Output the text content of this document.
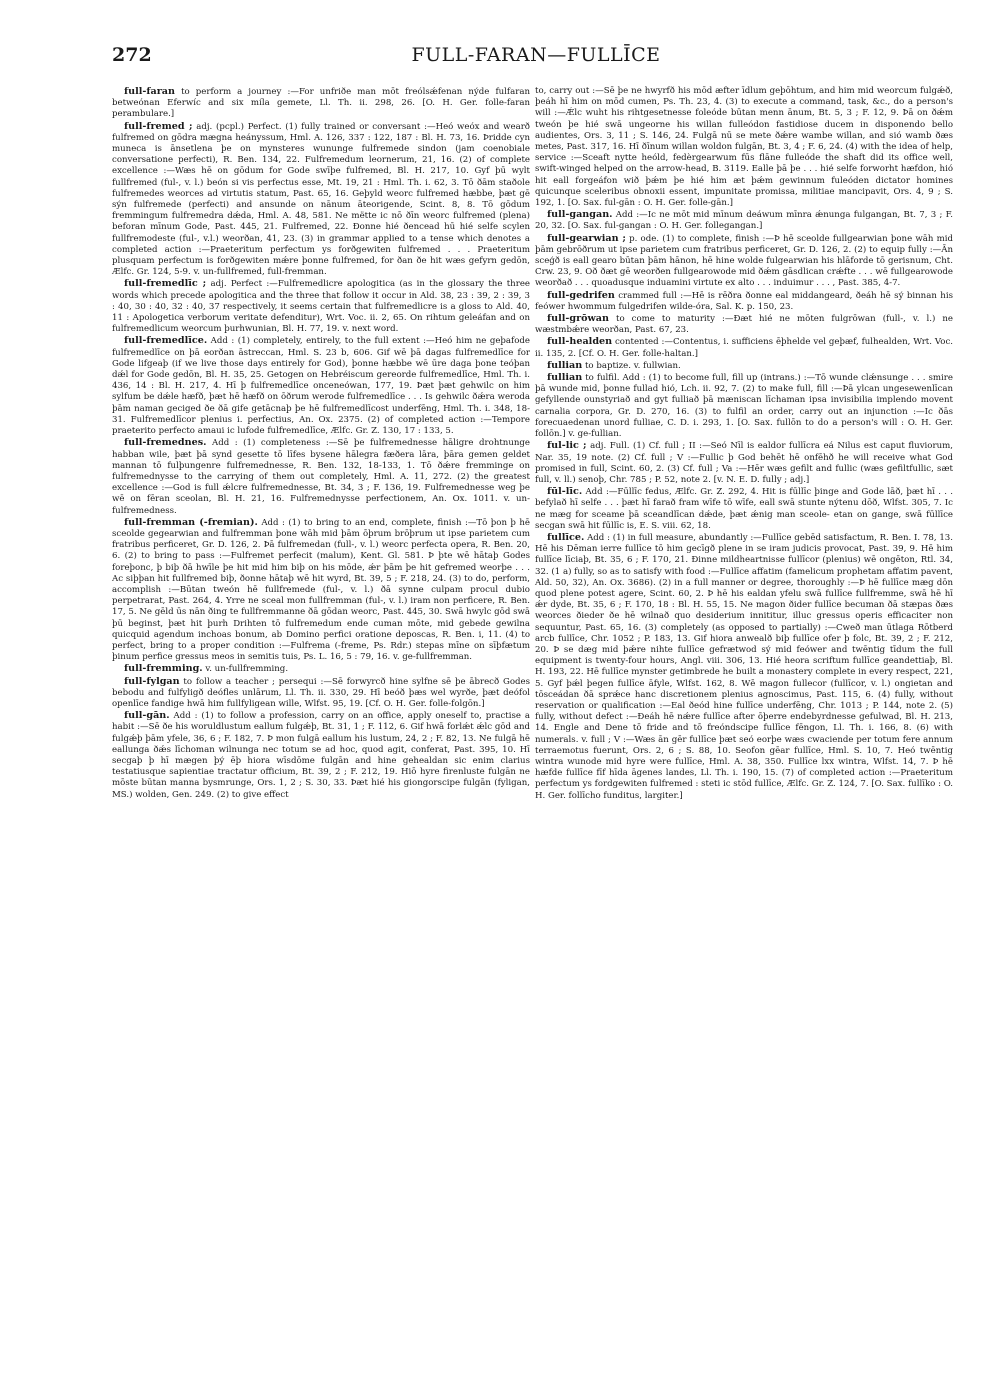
272	FULL-FARAN—FULLĪCE

full-faran to perform a journey :—For unfriðe man mōt freólsǽfenan nýde fulfaran betweónan Eferwíc and six míla gemete, Ll. Th. ii. 298, 26. [O. H. Ger. folle-faran perambulare.]

full-fremed ; adj. (pcpl.) Perfect. (1) fully trained or conversant :—Heó weóx and wearð fulfremed on gōdra mægna heányssum, Hml. A. 126, 337 : 122, 187 : Bl. H. 73, 16. Þridde cyn muneca is ānsetlena þe on mynsteres wununge fulfremede sindon (jam coenobiale conversatione perfecti), R. Ben. 134, 22. Fulfremedum leornerum, 21, 16. (2) of complete excellence :—Wæs hē on gōdum for Gode swīþe fulfremed, Bl. H. 217, 10. Gyf þū wylt fullfremed (ful-, v. l.) beón si vis perfectus esse, Mt. 19, 21 : Hml. Th. i. 62, 3. Tō ðām staðole fulfremedes weorces ad virtutis statum, Past. 65, 16. Geþyld weorc fulfremed hæbbe, þæt gē sýn fulfremede (perfecti) and ansunde on nānum āteorigende, Scint. 8, 8. Tō gōdum fremmingum fulfremedra dǽda, Hml. A. 48, 581. Ne mëtte ic nō ðīn weorc fulfremed (plena) beforan mīnum Gode, Past. 445, 21. Fulfremed, 22. Ðonne hié ðencead hū hié selfe scylen fullfremodeste (ful-, v.l.) weorðan, 41, 23. (3) in grammar applied to a tense which denotes a completed action :—Praeteritum perfectum ys forðgewiten fulfremed . . . Praeteritum plusquam perfectum is forðgewiten mǽre þonne fulfremed, for ðan ðe hit wæs gefyrn gedōn, Ælfc. Gr. 124, 5-9. v. un-fullfremed, full-fremman.

full-fremedlīc ; adj. Perfect :—Fulfremedlicre apologitica (as in the glossary the three words which precede apologitica and the three that follow it occur in Ald. 38, 23 : 39, 2 : 39, 3 : 40, 30 : 40, 32 : 40, 37 respectively, it seems certain that fulfremedlicre is a gloss to Ald. 40, 11 : Apologetica verborum veritate defenditur), Wrt. Voc. ii. 2, 65. On rihtum geleáfan and on fulfremedlicum weorcum þurhwunian, Bl. H. 77, 19. v. next word.

full-fremedlīce. Add : (1) completely, entirely, to the full extent :—Heó him ne geþafode fulfremedlīce on þā eorðan āstreccan, Hml. S. 23 b, 606. Gif wē þā dagas fulfremedlīce for Gode lifgeaþ (if we live those days entirely for God), þonne hæbbe wē ūre daga þone teóþan dǽl for Gode gedōn, Bl. H. 35, 25. Getogen on Hebréiscum gereorde fulfremedlīce, Hml. Th. i. 436, 14 : Bl. H. 217, 4. Hī þ fulfremedlīce onceneówan, 177, 19. Þæt þæt gehwilc on him sylfum be dǽle hæfð, þæt hē hæfð on ōðrum werode fulfremedlīce . . . Is gehwilc ðǽra weroda þām naman geciged ðe ðā gife getācnaþ þe hē fulfremedlīcost underfēng, Hml. Th. i. 348, 18-31. Fulfremedlīcor plenius i. perfectius, An. Ox. 2375. (2) of completed action :—Tempore praeterito perfecto amaui ic lufode fulfremedlīce, Ælfc. Gr. Z. 130, 17 : 133, 5.

full-fremednes. Add : (1) completeness :—Sē þe fulfremednesse hāligre drohtnunge habban wile, þæt þā synd gesette tō līfes bysene hālegra fæðera lāra, þāra gemen geldet mannan tō fulþungenre fulfremednesse, R. Ben. 132, 18-133, 1. Tō ðǽre fremminge on fulfremednysse to the carrying of them out completely, Hml. A. 11, 272. (2) the greatest excellence :—God is full ǽlcre fulfremednesse, Bt. 34, 3 ; F. 136, 19. Fulfremednesse weg þe wē on fēran sceolan, Bl. H. 21, 16. Fulfremednysse perfectionem, An. Ox. 1011. v. un-fulfremedness.

full-fremman (-fremian). Add : (1) to bring to an end, complete, finish :—Tō þon þ hē sceolde gegearwian and fulfremman þone wāh mid þām ōþrum brōþrum ut ipse parietem cum fratribus perficeret, Gr. D. 126, 2. Þā fulfremedan (full-, v. l.) weorc perfecta opera, R. Ben. 20, 6. (2) to bring to pass :—Fulfremet perfecit (malum), Kent. Gl. 581. Þ þte wē hātaþ Godes foreþonc, þ biþ ðā hwīle þe hit mid him biþ on his mōde, ǽr þām þe hit gefremed weorþe . . . Ac siþþan hit fullfremed biþ, ðonne hātaþ wē hit wyrd, Bt. 39, 5 ; F. 218, 24. (3) to do, perform, accomplish :—Būtan tweón hē fullfremede (ful-, v. l.) ðā synne culpam procul dubio perpetrarat, Past. 264, 4. Yrre ne sceal mon fullfremman (ful-, v. l.) iram non perficere, R. Ben. 17, 5. Ne gēld ūs nān ðing te fullfremmanne ðā gōdan weorc, Past. 445, 30. Swā hwylc gōd swā þū beginst, þæt hit þurh Drihten tō fulfremedum ende cuman mōte, mid gebede gewilna quicquid agendum inchoas bonum, ab Domino perfici oratione deposcas, R. Ben. i, 11. (4) to perfect, bring to a proper condition :—Fulfrema (-freme, Ps. Rdr.) stepas mīne on sīþfætum þinum perfice gressus meos in semitis tuis, Ps. L. 16, 5 : 79, 16. v. ge-fullfremman.

full-fremming. v. un-fullfremming.

full-fylgan to follow a teacher ; persequi :—Sē forwyrcð hine sylfne sē þe ābrecð Godes bebodu and fulfyligð deófles unlārum, Ll. Th. ii. 330, 29. Hī beóð þæs wel wyrðe, þæt deófol openlīce fandige hwā him fullfyligean wille, Wlfst. 95, 19. [Cf. O. H. Ger. folle-folgōn.]

full-gān. Add : (1) to follow a profession, carry on an office, apply oneself to, practise a habit :—Sē ðe his woruldlustum eallum fulgǽþ, Bt. 31, 1 ; F. 112, 6. Gif hwā forlǽt ǽlc gōd and fulgǽþ þām yfele, 36, 6 ; F. 182, 7. Þ mon fulgā eallum his lustum, 24, 2 ; F. 82, 13. Ne fulgā hē eallunga ðǽs līchoman wilnunga nec totum se ad hoc, quod agit, conferat, Past. 395, 10. Hī secgaþ þ hī mægen þý ēþ hiora wīsdōme fulgān and hine gehealdan sic enim clarius testatiusque sapientiae tractatur officium, Bt. 39, 2 ; F. 212, 19. Hiō hyre firenluste fulgān ne mōste būtan manna bysmrunge, Ors. 1, 2 ; S. 30, 33. Þæt hié his giongorscipe fulgān (fyligan, MS.) wolden, Gen. 249. (2) to give effect

to, carry out :—Sē þe ne hwyrfð his mōd æfter īdlum geþōhtum, and him mid weorcum fulgǽð, þeáh hī him on mōd cumen, Ps. Th. 23, 4. (3) to execute a command, task, &c., do a person's will :—Ǽlc wuht his rihtgesetnesse foleóde būtan menn ānum, Bt. 5, 3 ; F. 12, 9. Þā on ðǽm tweón þe hié swā ungeorne his willan fulleódon fastidiose ducem in disponendo bello audientes, Ors. 3, 11 ; S. 146, 24. Fulgā nū se mete ðǽre wambe willan, and sió wamb ðæs metes, Past. 317, 16. Hī ðīnum willan woldon fulgān, Bt. 3, 4 ; F. 6, 24. (4) with the idea of help, service :—Sceaft nytte heóld, fedèrgearwum fūs flāne fulleóde the shaft did its office well, swift-winged helped on the arrow-head, B. 3119. Ealle þā þe . . . hié selfe forworht hæfdon, hió hit eall forgeáfon wið þǽm þe hié him æt þǽm gewinnum fuleóden dictator homines quicunque sceleribus obnoxii essent, impunitate promissa, militiae mancipavit, Ors. 4, 9 ; S. 192, 1. [O. Sax. ful-gān : O. H. Ger. folle-gān.]

full-gangan. Add :—Ic ne mōt mid mīnum deáwum mīnra ǽnunga fulgangan, Bt. 7, 3 ; F. 20, 32. [O. Sax. ful-gangan : O. H. Ger. follegangan.]

full-gearwian ; p. ode. (1) to complete, finish :—Þ hē sceolde fullgearwian þone wāh mid þām gebrōðrum ut ipse parietem cum fratribus perficeret, Gr. D. 126, 2. (2) to equip fully :—Ān sceǵð is eall gearo būtan þām hānon, hē hine wolde fulgearwian his hlāforde tō gerisnum, Cht. Crw. 23, 9. Oð ðæt gē weorðen fullgearowode mid ðǽm gāsdlican crǽfte . . . wē fullgearowode weorðað . . . quoadusque induamini virtute ex alto . . . induimur . . . , Past. 385, 4-7.

full-gedrifen crammed full :—Hē is rēðra ðonne eal middangeard, ðeáh hē sý binnan his feówer hwommum fulgedrifen wilde-óra, Sal. K. p. 150, 23.

full-grōwan to come to maturity :—Ðæt hié ne mōten fulgrōwan (full-, v. l.) ne wæstmbǽre weorðan, Past. 67, 23.

full-healden contented :—Contentus, i. sufficiens ēþhelde vel geþæf, fulhealden, Wrt. Voc. ii. 135, 2. [Cf. O. H. Ger. folle-haltan.]

fullian to baptize. v. fullwian.

fullian to fulfil. Add : (1) to become full, fill up (intrans.) :—Tō wunde clǽnsunge . . . smire þā wunde mid, þonne fullad hió, Lch. ii. 92, 7. (2) to make full, fill :—Þā ylcan ungesewenlīcan gefyllende ounstyriað and gyt fulliað þā mæniscan līchaman ipsa invisibilia implendo movent carnalia corpora, Gr. D. 270, 16. (3) to fulfil an order, carry out an injunction :—Ic ðās forecuaedenan unord fulliae, C. D. i. 293, 1. [O. Sax. fullōn to do a person's will : O. H. Ger. follōn.] v. ge-fullian.

ful-lic ; adj. Full. (1) Cf. full ; II :—Seó Nīl is ealdor fullīcra eá Nilus est caput fluviorum, Nar. 35, 19 note. (2) Cf. full ; V :—Fullic þ God behēt hē onfēhð he will receive what God promised in full, Scint. 60, 2. (3) Cf. full ; Va :—Hēr wæs gefilt and fullic (wæs gefiltfullic, sæt full, v. ll.) senoþ, Chr. 785 ; P. 52, note 2. [v. N. E. D. fully ; adj.]

fūl-līc. Add :—Fūllīc fedus, Ælfc. Gr. Z. 292, 4. Hit is fūllīc þinge and Gode lāð, þæt hī . . . befylað hī selfe . . . þæt hī farað fram wīfe tō wīfe, eall swā stunte nýtenu dōð, Wlfst. 305, 7. Ic ne mæg for sceame þā sceandlīcan dǽde, þæt ǽnig man sceole- etan on gange, swā fūllīce secgan swā hit fūllīc is, E. S. viii. 62, 18.

fullīce. Add : (1) in full measure, abundantly :—Fullīce gebēd satisfactum, R. Ben. I. 78, 13. Hē his Dēman ierre fullīce tō him gecīgð plene in se iram judicis provocat, Past. 39, 9. Hē him fullīce līciaþ, Bt. 35, 6 ; F. 170, 21. Ðinne mildheartnisse fullīcor (plenius) wē ongēton, Rtl. 34, 32. (1 a) fully, so as to satisfy with food :—Fullīce affatim (famelicum prophetam affatim pavent, Ald. 50, 32), An. Ox. 3686). (2) in a full manner or degree, thoroughly :—Þ hē fullīce mæg dōn quod plene potest agere, Scint. 60, 2. Þ hē his ealdan yfelu swā fullīce fullfremme, swā hē hī ǽr dyde, Bt. 35, 6 ; F. 170, 18 : Bl. H. 55, 15. Ne magon ðider fullīce becuman ðā stæpas ðæs weorces ðieder ðe hē wilnað quo desiderium innititur, illuc gressus operis efficaciter non sequuntur, Past. 65, 16. (3) completely (as opposed to partially) :—Cweð man ūtlaga Rōtberd arcb fullīce, Chr. 1052 ; P. 183, 13. Gif hiora anwealð biþ fullīce ofer þ folc, Bt. 39, 2 ; F. 212, 20. Þ se dæg mid þǽre nihte fullīce gefrætwod sý mid feówer and twēntig tīdum the full equipment is twenty-four hours, Angl. viii. 306, 13. Hié heora scriftum fullīce geandettiaþ, Bl. H. 193, 22. Hē fullīce mynster getimbrede he built a monastery complete in every respect, 221, 5. Gyf þǽl þegen fullīce āfyle, Wlfst. 162, 8. Wē magon fullecor (fullīcor, v. l.) ongietan and tōsceádan ðā sprǽce hanc discretionem plenius agnoscimus, Past. 115, 6. (4) fully, without reservation or qualification :—Eal ðeód hine fullīce underfēng, Chr. 1013 ; P. 144, note 2. (5) fully, without defect :—Ðeáh hē nǽre fullīce after ōþerre endebyrdnesse gefulwad, Bl. H. 213, 14. Engle and Dene tō fride and tō freóndscipe fullīce fēngon, Ll. Th. i. 166, 8. (6) with numerals. v. full ; V :—Wæs ān gēr fullīce þæt seó eorþe wæs cwaciende per totum fere annum terraemotus fuerunt, Ors. 2, 6 ; S. 88, 10. Seofon gēar fullīce, Hml. S. 10, 7. Heó twēntig wintra wunode mid hyre were fullīce, Hml. A. 38, 350. Fullīce lxx wintra, Wlfst. 14, 7. Þ hē hæfde fullīce fīf hīda āgenes landes, Ll. Th. i. 190, 15. (7) of completed action :—Praeteritum perfectum ys fordgewiten fulfremed : steti ic stōd fullīce, Ælfc. Gr. Z. 124, 7. [O. Sax. fullīko : O. H. Ger. follīcho funditus, largiter.]
